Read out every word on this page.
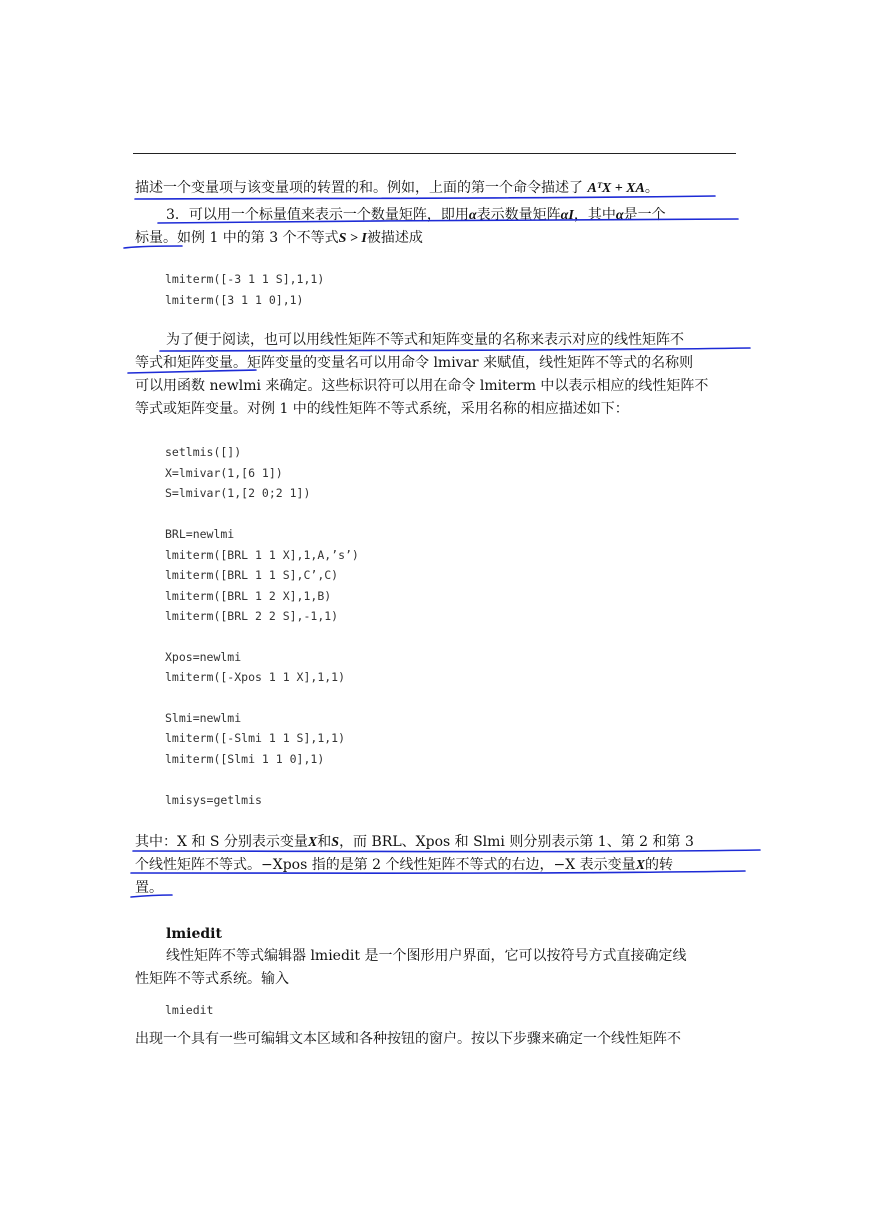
描述一个变量项与该变量项的转置的和。例如，上面的第一个命令描述了 AᵀX + XA。
3．可以用一个标量值来表示一个数量矩阵，即用α表示数量矩阵αI，其中α是一个
标量。如例 1 中的第 3 个不等式S > I被描述成
lmiterm([-3 1 1 S],1,1)
lmiterm([3 1 1 0],1)
为了便于阅读，也可以用线性矩阵不等式和矩阵变量的名称来表示对应的线性矩阵不
等式和矩阵变量。矩阵变量的变量名可以用命令 lmivar 来赋值，线性矩阵不等式的名称则
可以用函数 newlmi 来确定。这些标识符可以用在命令 lmiterm 中以表示相应的线性矩阵不
等式或矩阵变量。对例 1 中的线性矩阵不等式系统，采用名称的相应描述如下：
setlmis([])
X=lmivar(1,[6 1])
S=lmivar(1,[2 0;2 1])
BRL=newlmi
lmiterm([BRL 1 1 X],1,A,’s’)
lmiterm([BRL 1 1 S],C’,C)
lmiterm([BRL 1 2 X],1,B)
lmiterm([BRL 2 2 S],-1,1)
Xpos=newlmi
lmiterm([-Xpos 1 1 X],1,1)
Slmi=newlmi
lmiterm([-Slmi 1 1 S],1,1)
lmiterm([Slmi 1 1 0],1)
lmisys=getlmis
其中：X 和 S 分别表示变量X和S，而 BRL、Xpos 和 Slmi 则分别表示第 1、第 2 和第 3
个线性矩阵不等式。−Xpos 指的是第 2 个线性矩阵不等式的右边，−X 表示变量X的转
置。
lmiedit
线性矩阵不等式编辑器 lmiedit 是一个图形用户界面，它可以按符号方式直接确定线
性矩阵不等式系统。输入
lmiedit
出现一个具有一些可编辑文本区域和各种按钮的窗户。按以下步骤来确定一个线性矩阵不
